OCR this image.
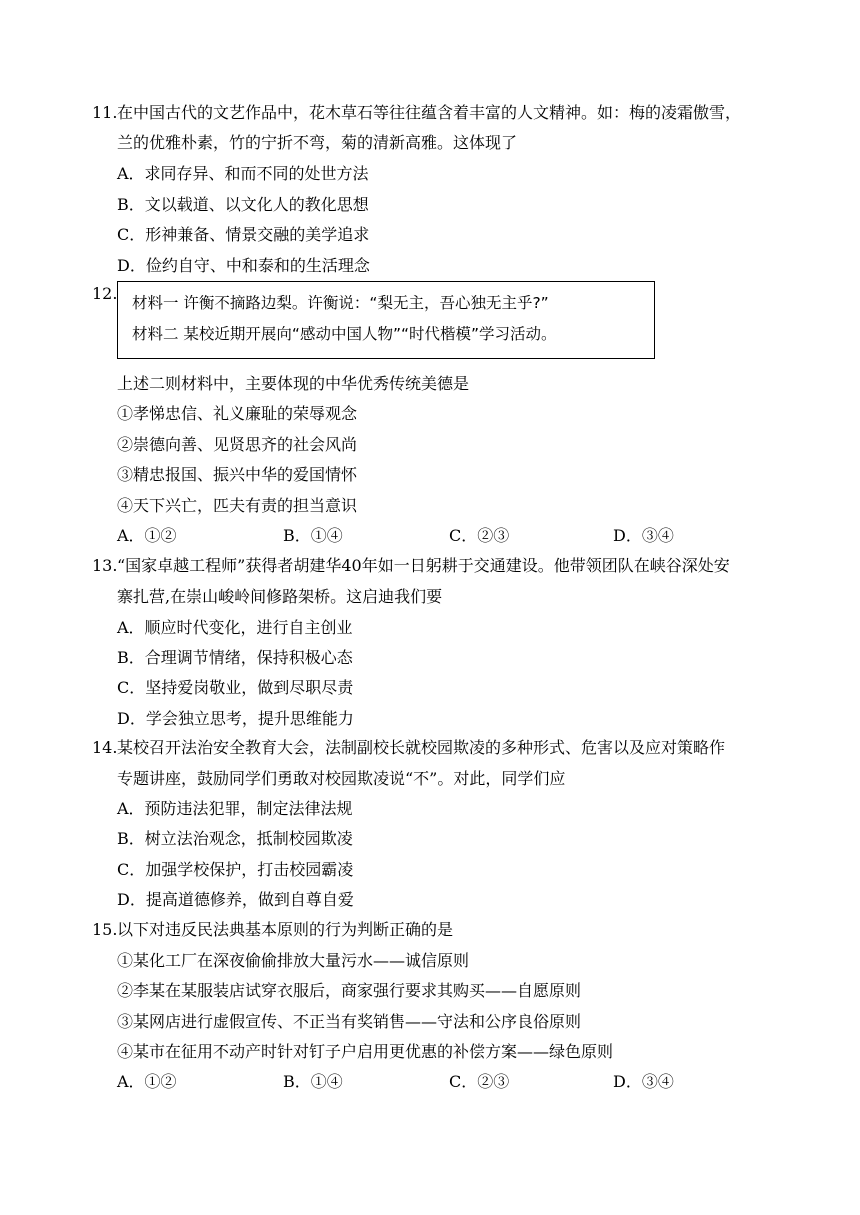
11. 在中国古代的文艺作品中，花木草石等往往蕴含着丰富的人文精神。如：梅的凌霜傲雪，
兰的优雅朴素，竹的宁折不弯，菊的清新高雅。这体现了
A．求同存异、和而不同的处世方法
B．文以载道、以文化人的教化思想
C．形神兼备、情景交融的美学追求
D．俭约自守、中和泰和的生活理念
12. 材料一 许衡不摘路边梨。许衡说：“梨无主，吾心独无主乎?”
材料二 某校近期开展向“感动中国人物”“时代楷模”学习活动。
上述二则材料中，主要体现的中华优秀传统美德是
①孝悌忠信、礼义廉耻的荣辱观念
②崇德向善、见贤思齐的社会风尚
③精忠报国、振兴中华的爱国情怀
④天下兴亡，匹夫有责的担当意识
A．①②	B．①④	C．②③	D．③④
13. “国家卓越工程师”获得者胡建华40年如一日躬耕于交通建设。他带领团队在峡谷深处安
寨扎营,在崇山峻岭间修路架桥。这启迪我们要
A．顺应时代变化，进行自主创业
B．合理调节情绪，保持积极心态
C．坚持爱岗敬业，做到尽职尽责
D．学会独立思考，提升思维能力
14. 某校召开法治安全教育大会，法制副校长就校园欺凌的多种形式、危害以及应对策略作
专题讲座，鼓励同学们勇敢对校园欺凌说“不”。对此，同学们应
A．预防违法犯罪，制定法律法规
B．树立法治观念，抵制校园欺凌
C．加强学校保护，打击校园霸凌
D．提高道德修养，做到自尊自爱
15. 以下对违反民法典基本原则的行为判断正确的是
①某化工厂在深夜偷偷排放大量污水——诚信原则
②李某在某服装店试穿衣服后，商家强行要求其购买——自愿原则
③某网店进行虚假宣传、不正当有奖销售——守法和公序良俗原则
④某市在征用不动产时针对钉子户启用更优惠的补偿方案——绿色原则
A．①②	B．①④	C．②③	D．③④
